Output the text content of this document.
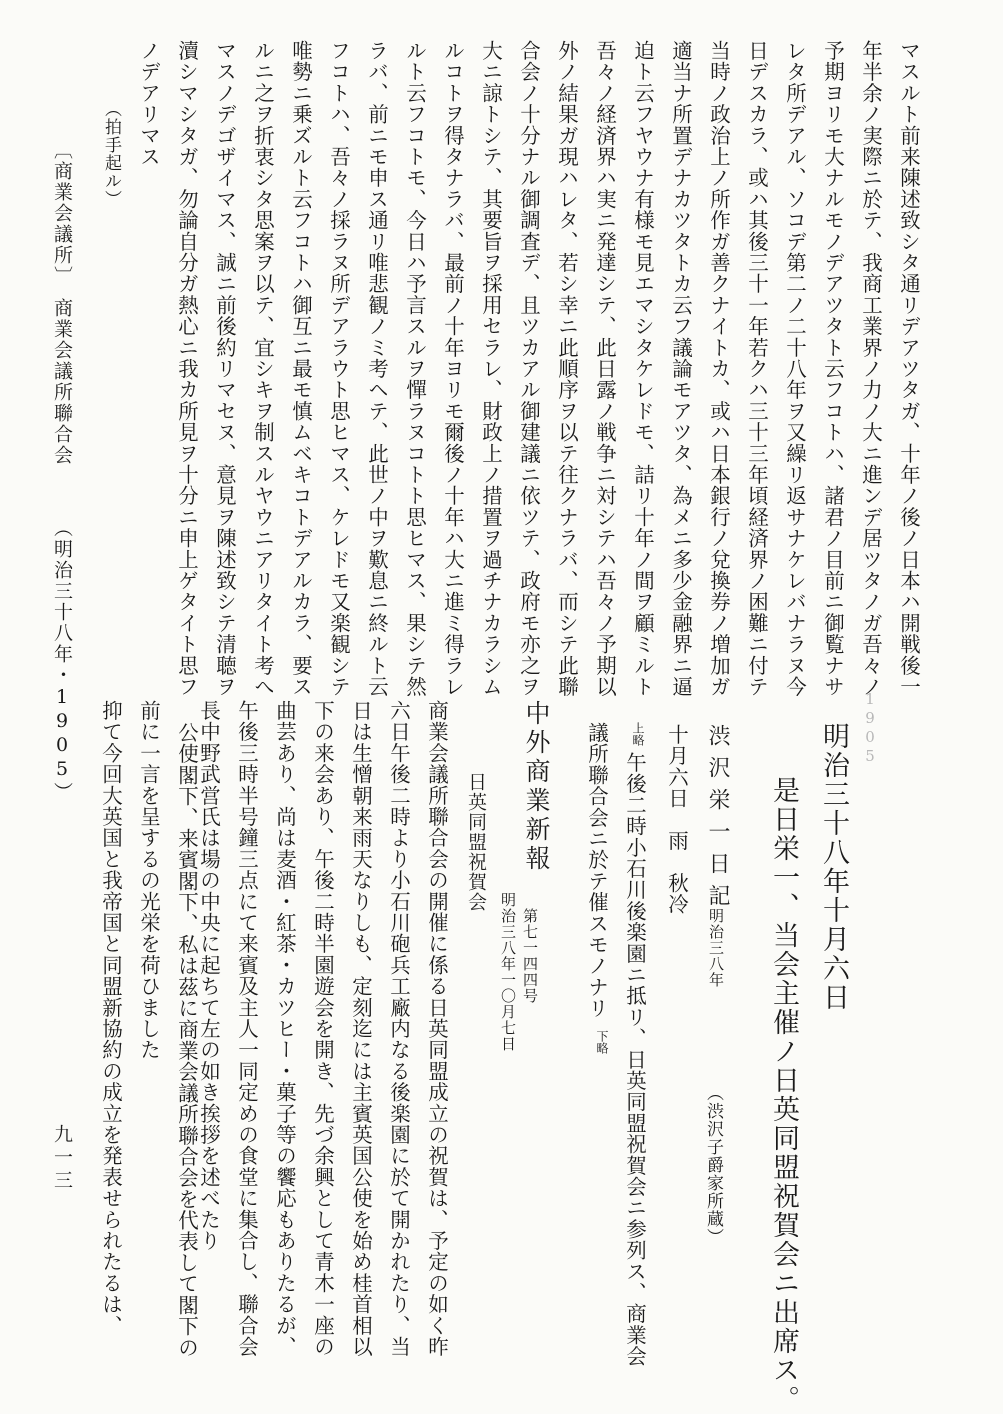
マスルト前来陳述致シタ通リデアツタガ、十年ノ後ノ日本ハ開戦後一
年半余ノ実際ニ於テ、我商工業界ノ力ノ大ニ進ンデ居ツタノガ吾々ノ
予期ヨリモ大ナルモノデアツタト云フコトハ、諸君ノ目前ニ御覧ナサ
レタ所デアル、ソコデ第二ノ二十八年ヲ又繰リ返サナケレバナラヌ今
日デスカラ、或ハ其後三十一年若クハ三十三年頃経済界ノ困難ニ付テ
当時ノ政治上ノ所作ガ善クナイトカ、或ハ日本銀行ノ兌換券ノ増加ガ
適当ナ所置デナカツタトカ云フ議論モアツタ、為メニ多少金融界ニ逼
迫ト云フヤウナ有様モ見エマシタケレドモ、詰リ十年ノ間ヲ顧ミルト
吾々ノ経済界ハ実ニ発達シテ、此日露ノ戦争ニ対シテハ吾々ノ予期以
外ノ結果ガ現ハレタ、若シ幸ニ此順序ヲ以テ往クナラバ、而シテ此聯
合会ノ十分ナル御調査デ、且ツカアル御建議ニ依ツテ、政府モ亦之ヲ
大ニ諒トシテ、其要旨ヲ採用セラレ、財政上ノ措置ヲ過チナカラシム
ルコトヲ得タナラバ、最前ノ十年ヨリモ爾後ノ十年ハ大ニ進ミ得ラレ
ルト云フコトモ、今日ハ予言スルヲ憚ラヌコトト思ヒマス、果シテ然
ラバ、前ニモ申ス通リ唯悲観ノミ考ヘテ、此世ノ中ヲ歎息ニ終ルト云
フコトハ、吾々ノ採ラヌ所デアラウト思ヒマス、ケレドモ又楽観シテ
唯勢ニ乗ズルト云フコトハ御互ニ最モ慎ムベキコトデアルカラ、要ス
ルニ之ヲ折衷シタ思案ヲ以テ、宜シキヲ制スルヤウニアリタイト考へ
マスノデゴザイマス、誠ニ前後約リマセヌ、意見ヲ陳述致シテ清聴ヲ
瀆シマシタガ、勿論自分ガ熱心ニ我カ所見ヲ十分ニ申上ゲタイト思フ
ノデアリマス
（拍手起ル）
〔商業会議所〕
商業会議所聯合会
（明治三十八年・1905）
1905　　　　　　　　　　　　　　　　　　
明治三十八年十月六日
是日栄一、当会主催ノ日英同盟祝賀会ニ出席ス。
渋沢栄一日記
明治三八年
（渋沢子爵家所蔵）
十月六日　雨　秋冷
上略
午後二時小石川後楽園ニ抵リ、日英同盟祝賀会ニ参列ス、商業会
議所聯合会ニ於テ催スモノナリ
下略
中外商業新報
第七一四四号
明治三八年一〇月七日
日英同盟祝賀会
商業会議所聯合会の開催に係る日英同盟成立の祝賀は、予定の如く昨
六日午後二時より小石川砲兵工廠内なる後楽園に於て開かれたり、当
日は生憎朝来雨天なりしも、定刻迄には主賓英国公使を始め桂首相以
下の来会あり、午後二時半園遊会を開き、先づ余興として青木一座の
曲芸あり、尚は麦酒・紅茶・カツヒー・菓子等の饗応もありたるが、
午後三時半号鐘三点にて来賓及主人一同定めの食堂に集合し、聯合会
長中野武営氏は場の中央に起ちて左の如き挨拶を述べたり
公使閣下、来賓閣下、私は茲に商業会議所聯合会を代表して閣下の
前に一言を呈するの光栄を荷ひました
抑て今回大英国と我帝国と同盟新協約の成立を発表せられたるは、
九一三
